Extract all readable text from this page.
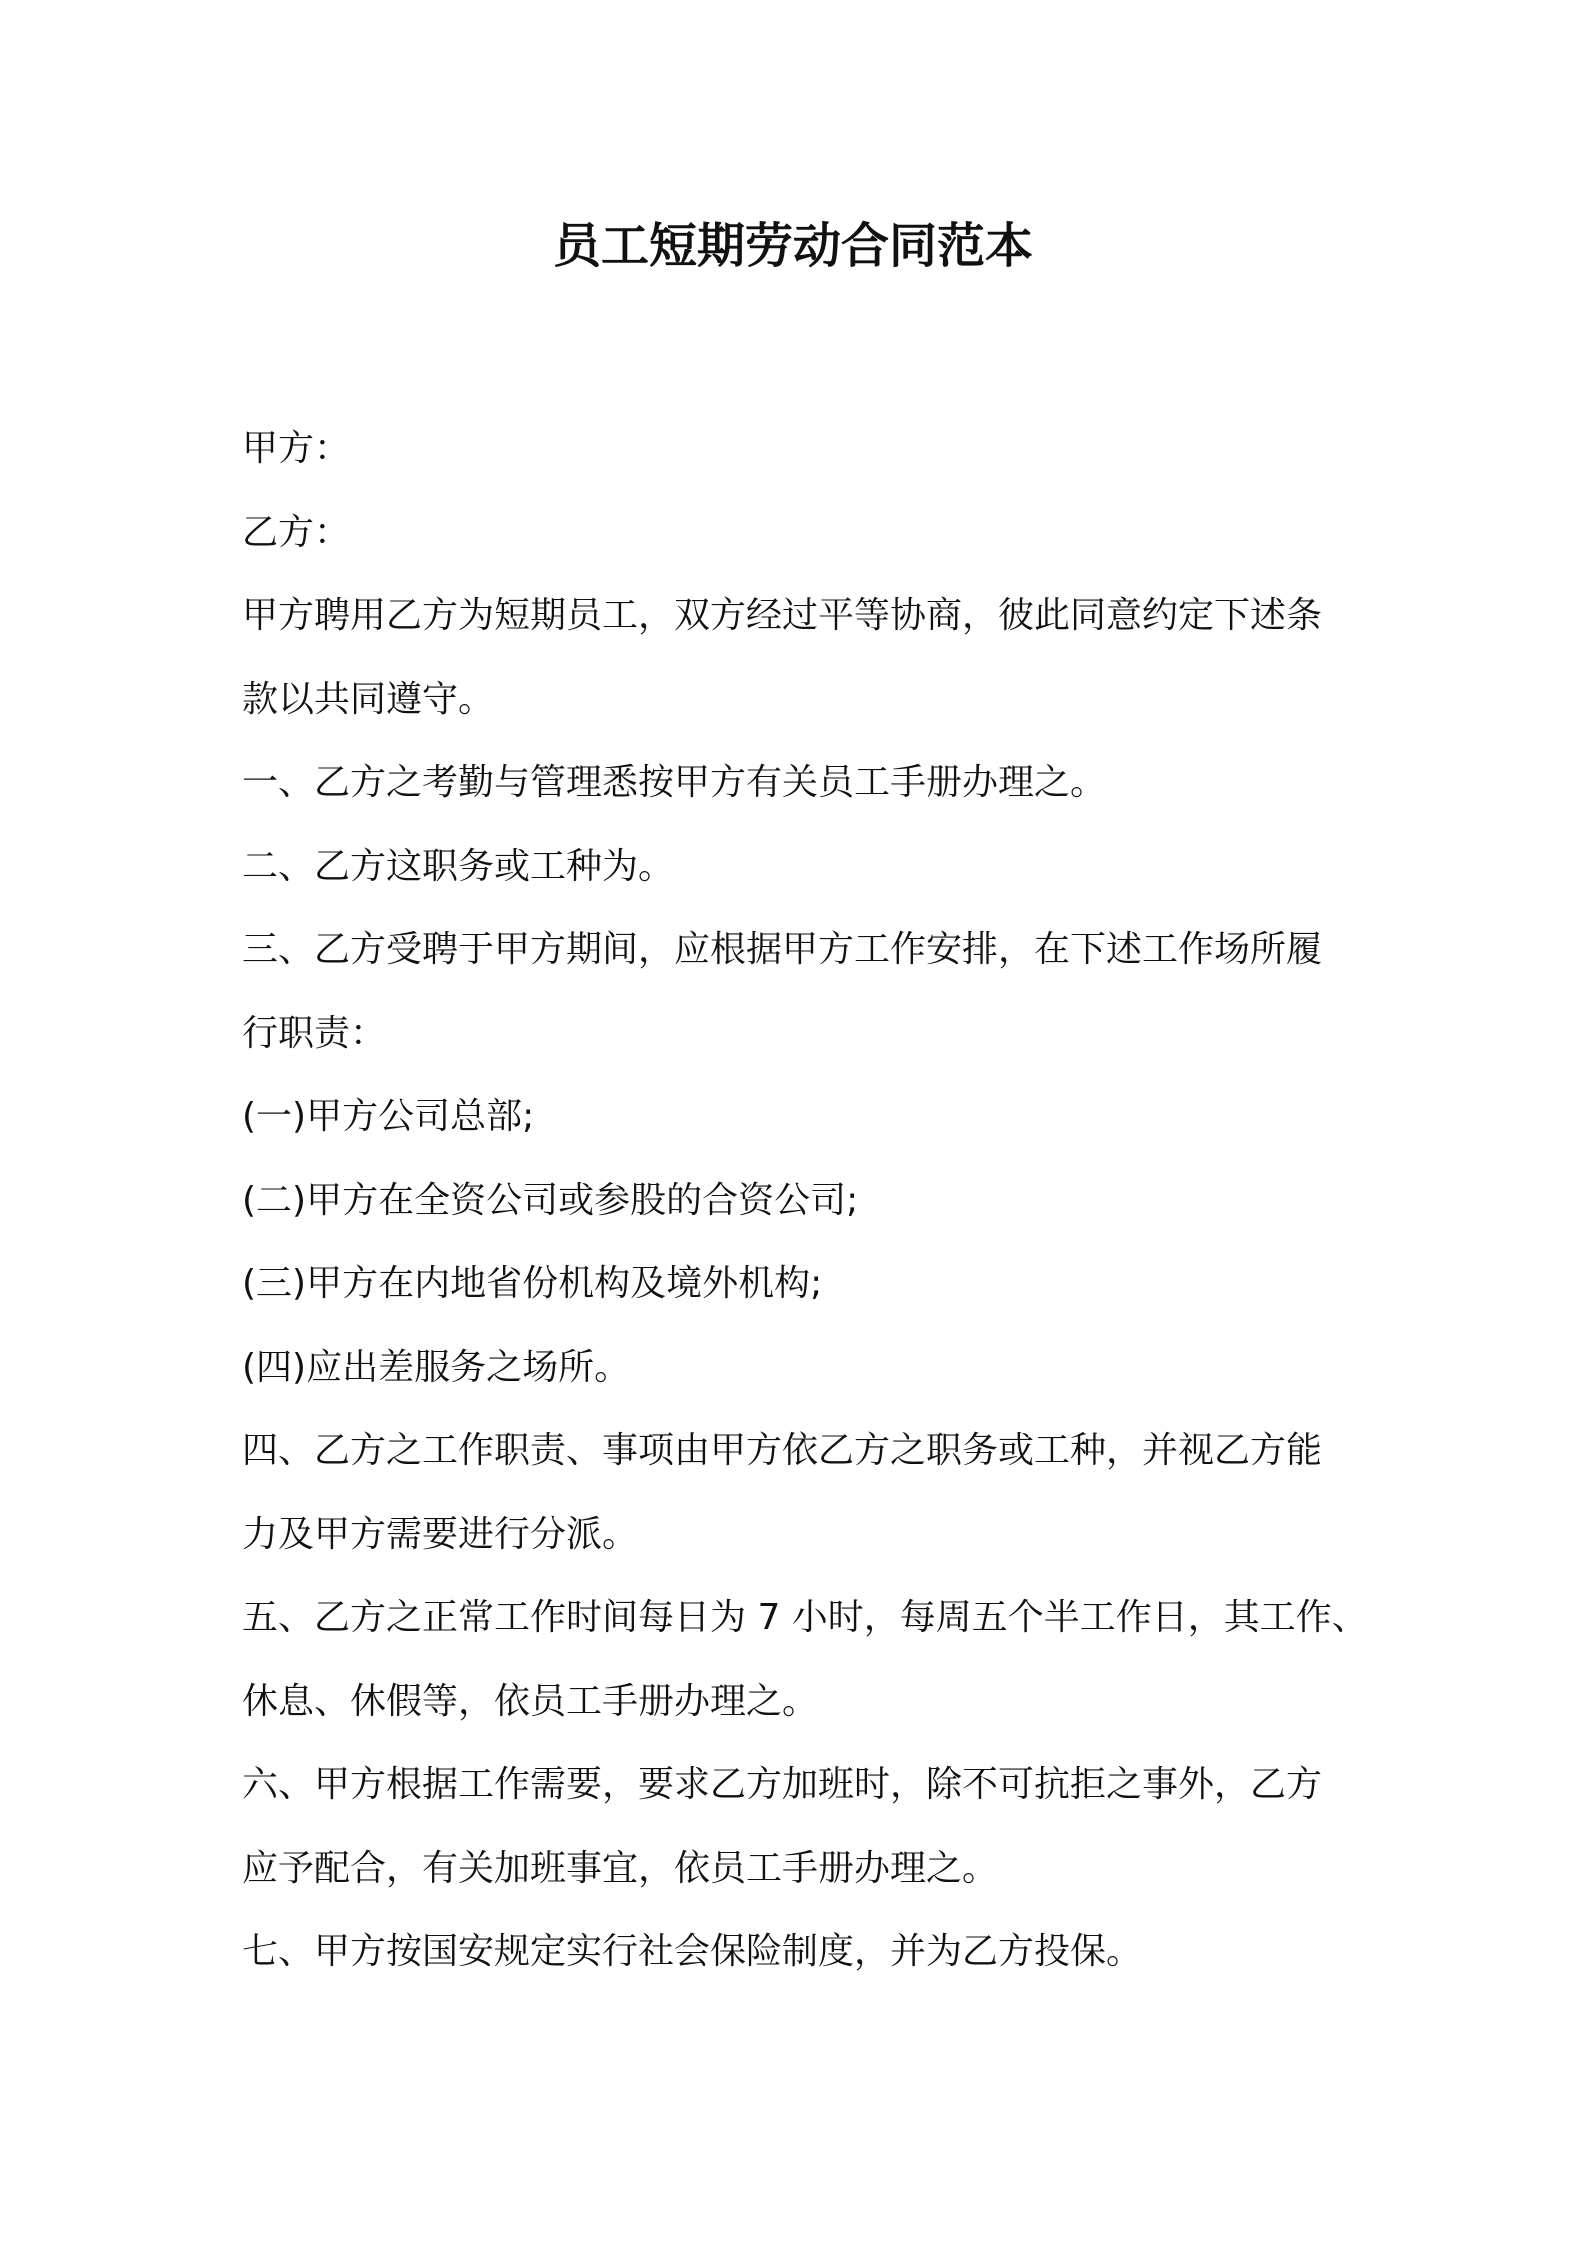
员工短期劳动合同范本

甲方：

乙方：

甲方聘用乙方为短期员工，双方经过平等协商，彼此同意约定下述条

款以共同遵守。

一、乙方之考勤与管理悉按甲方有关员工手册办理之。

二、乙方这职务或工种为。

三、乙方受聘于甲方期间，应根据甲方工作安排，在下述工作场所履

行职责：

(一)甲方公司总部;

(二)甲方在全资公司或参股的合资公司;

(三)甲方在内地省份机构及境外机构;

(四)应出差服务之场所。

四、乙方之工作职责、事项由甲方依乙方之职务或工种，并视乙方能

力及甲方需要进行分派。

五、乙方之正常工作时间每日为 7 小时，每周五个半工作日，其工作、

休息、休假等，依员工手册办理之。

六、甲方根据工作需要，要求乙方加班时，除不可抗拒之事外，乙方

应予配合，有关加班事宜，依员工手册办理之。

七、甲方按国安规定实行社会保险制度，并为乙方投保。
